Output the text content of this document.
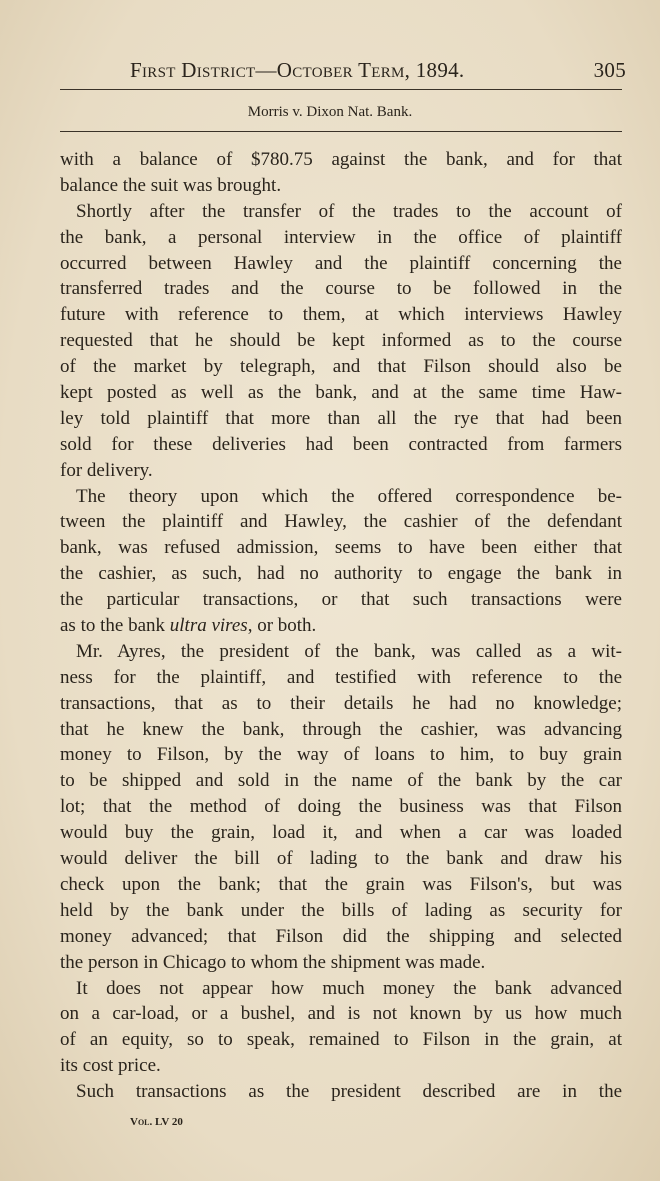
First District—October Term, 1894.	305
Morris v. Dixon Nat. Bank.
with a balance of $780.75 against the bank, and for that
balance the suit was brought.
Shortly after the transfer of the trades to the account of
the bank, a personal interview in the office of plaintiff
occurred between Hawley and the plaintiff concerning the
transferred trades and the course to be followed in the
future with reference to them, at which interviews Hawley
requested that he should be kept informed as to the course
of the market by telegraph, and that Filson should also be
kept posted as well as the bank, and at the same time Haw-
ley told plaintiff that more than all the rye that had been
sold for these deliveries had been contracted from farmers
for delivery.
The theory upon which the offered correspondence be-
tween the plaintiff and Hawley, the cashier of the defendant
bank, was refused admission, seems to have been either that
the cashier, as such, had no authority to engage the bank in
the particular transactions, or that such transactions were
as to the bank ultra vires, or both.
Mr. Ayres, the president of the bank, was called as a wit-
ness for the plaintiff, and testified with reference to the
transactions, that as to their details he had no knowledge;
that he knew the bank, through the cashier, was advancing
money to Filson, by the way of loans to him, to buy grain
to be shipped and sold in the name of the bank by the car
lot; that the method of doing the business was that Filson
would buy the grain, load it, and when a car was loaded
would deliver the bill of lading to the bank and draw his
check upon the bank; that the grain was Filson's, but was
held by the bank under the bills of lading as security for
money advanced; that Filson did the shipping and selected
the person in Chicago to whom the shipment was made.
It does not appear how much money the bank advanced
on a car-load, or a bushel, and is not known by us how much
of an equity, so to speak, remained to Filson in the grain, at
its cost price.
Such transactions as the president described are in the
Vol. LV 20
